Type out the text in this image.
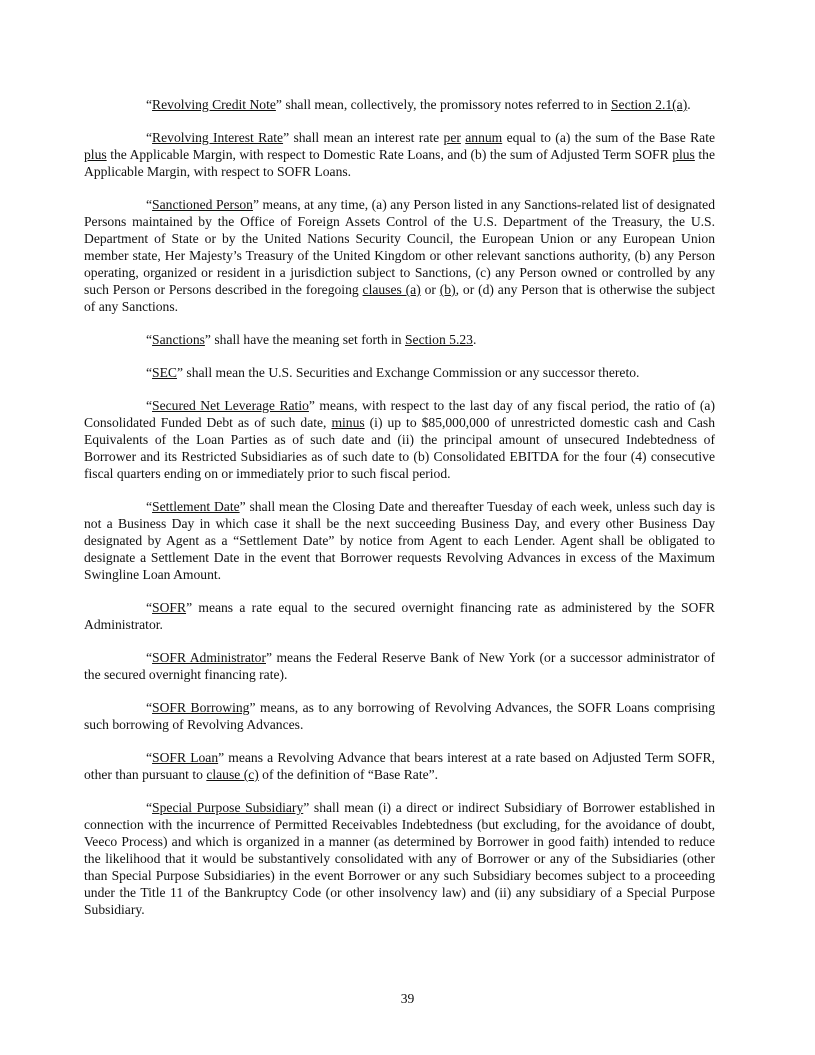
“Revolving Credit Note” shall mean, collectively, the promissory notes referred to in Section 2.1(a).

“Revolving Interest Rate” shall mean an interest rate per annum equal to (a) the sum of the Base Rate plus the Applicable Margin, with respect to Domestic Rate Loans, and (b) the sum of Adjusted Term SOFR plus the Applicable Margin, with respect to SOFR Loans.

“Sanctioned Person” means, at any time, (a) any Person listed in any Sanctions-related list of designated Persons maintained by the Office of Foreign Assets Control of the U.S. Department of the Treasury, the U.S. Department of State or by the United Nations Security Council, the European Union or any European Union member state, Her Majesty’s Treasury of the United Kingdom or other relevant sanctions authority, (b) any Person operating, organized or resident in a jurisdiction subject to Sanctions, (c) any Person owned or controlled by any such Person or Persons described in the foregoing clauses (a) or (b), or (d) any Person that is otherwise the subject of any Sanctions.

“Sanctions” shall have the meaning set forth in Section 5.23.

“SEC” shall mean the U.S. Securities and Exchange Commission or any successor thereto.

“Secured Net Leverage Ratio” means, with respect to the last day of any fiscal period, the ratio of (a) Consolidated Funded Debt as of such date, minus (i) up to $85,000,000 of unrestricted domestic cash and Cash Equivalents of the Loan Parties as of such date and (ii) the principal amount of unsecured Indebtedness of Borrower and its Restricted Subsidiaries as of such date to (b) Consolidated EBITDA for the four (4) consecutive fiscal quarters ending on or immediately prior to such fiscal period.

“Settlement Date” shall mean the Closing Date and thereafter Tuesday of each week, unless such day is not a Business Day in which case it shall be the next succeeding Business Day, and every other Business Day designated by Agent as a “Settlement Date” by notice from Agent to each Lender. Agent shall be obligated to designate a Settlement Date in the event that Borrower requests Revolving Advances in excess of the Maximum Swingline Loan Amount.

“SOFR” means a rate equal to the secured overnight financing rate as administered by the SOFR Administrator.

“SOFR Administrator” means the Federal Reserve Bank of New York (or a successor administrator of the secured overnight financing rate).

“SOFR Borrowing” means, as to any borrowing of Revolving Advances, the SOFR Loans comprising such borrowing of Revolving Advances.

“SOFR Loan” means a Revolving Advance that bears interest at a rate based on Adjusted Term SOFR, other than pursuant to clause (c) of the definition of “Base Rate”.

“Special Purpose Subsidiary” shall mean (i) a direct or indirect Subsidiary of Borrower established in connection with the incurrence of Permitted Receivables Indebtedness (but excluding, for the avoidance of doubt, Veeco Process) and which is organized in a manner (as determined by Borrower in good faith) intended to reduce the likelihood that it would be substantively consolidated with any of Borrower or any of the Subsidiaries (other than Special Purpose Subsidiaries) in the event Borrower or any such Subsidiary becomes subject to a proceeding under the Title 11 of the Bankruptcy Code (or other insolvency law) and (ii) any subsidiary of a Special Purpose Subsidiary.

39
